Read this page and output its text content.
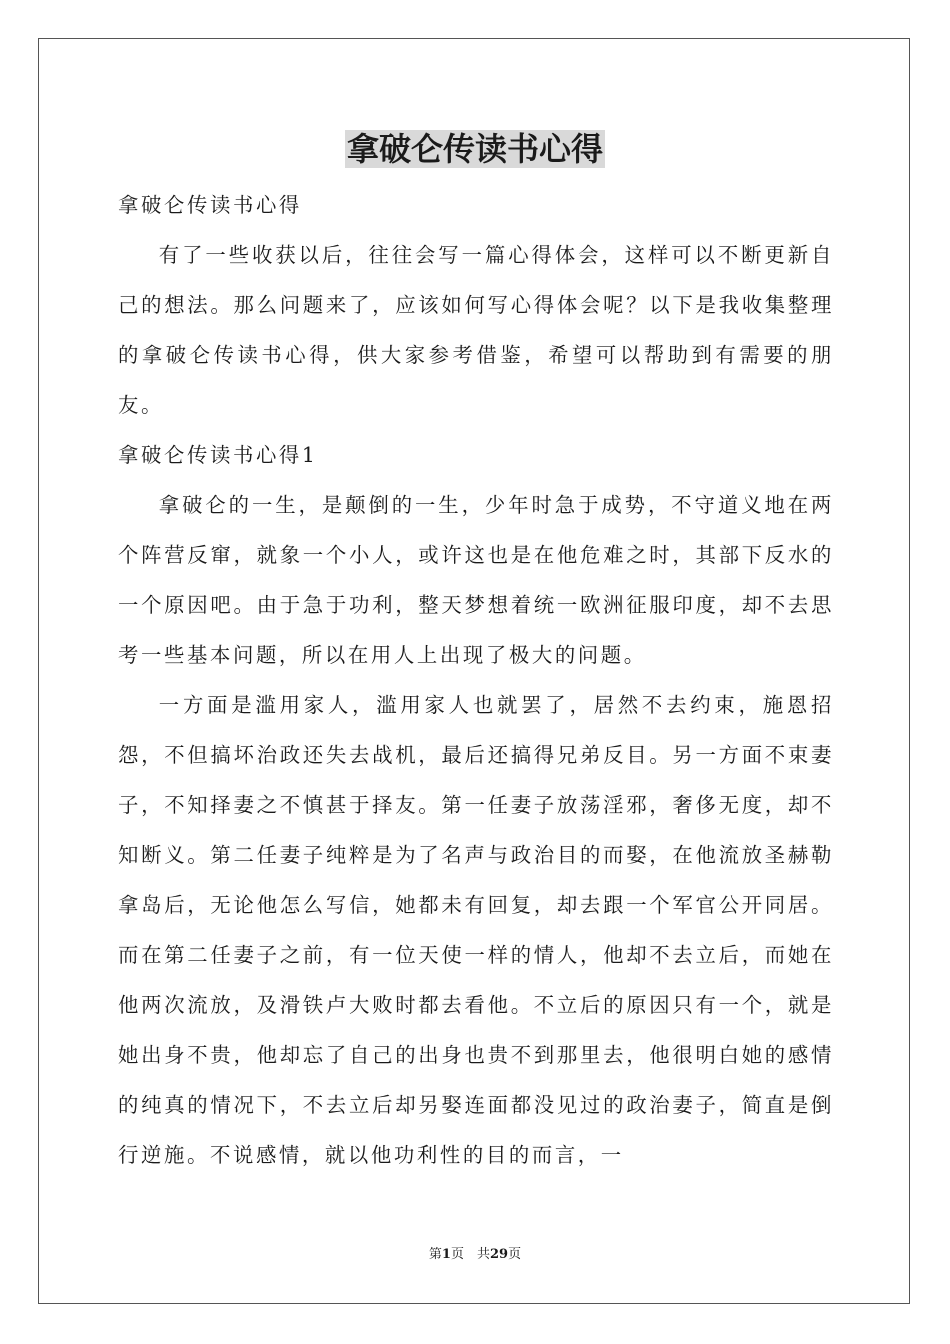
拿破仑传读书心得

拿破仑传读书心得

有了一些收获以后，往往会写一篇心得体会，这样可以不断更新自己的想法。那么问题来了，应该如何写心得体会呢？以下是我收集整理的拿破仑传读书心得，供大家参考借鉴，希望可以帮助到有需要的朋友。

拿破仑传读书心得1

拿破仑的一生，是颠倒的一生，少年时急于成势，不守道义地在两个阵营反窜，就象一个小人，或许这也是在他危难之时，其部下反水的一个原因吧。由于急于功利，整天梦想着统一欧洲征服印度，却不去思考一些基本问题，所以在用人上出现了极大的问题。

一方面是滥用家人，滥用家人也就罢了，居然不去约束，施恩招怨，不但搞坏治政还失去战机，最后还搞得兄弟反目。另一方面不束妻子，不知择妻之不慎甚于择友。第一任妻子放荡淫邪，奢侈无度，却不知断义。第二任妻子纯粹是为了名声与政治目的而娶，在他流放圣赫勒拿岛后，无论他怎么写信，她都未有回复，却去跟一个军官公开同居。而在第二任妻子之前，有一位天使一样的情人，他却不去立后，而她在他两次流放，及滑铁卢大败时都去看他。不立后的原因只有一个，就是她出身不贵，他却忘了自己的出身也贵不到那里去，他很明白她的感情的纯真的情况下，不去立后却另娶连面都没见过的政治妻子，简直是倒行逆施。不说感情，就以他功利性的目的而言，一

第1页　共29页
